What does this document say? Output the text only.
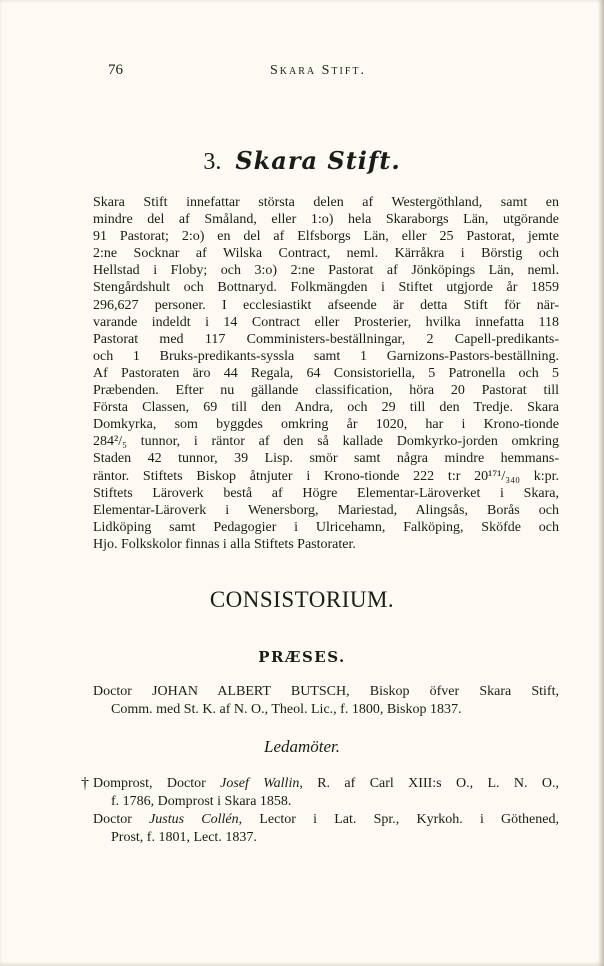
76	Skara Stift.
3. Skara Stift.
Skara Stift innefattar största delen af Westergöthland, samt en
mindre del af Småland, eller 1:o) hela Skaraborgs Län, utgörande
91 Pastorat; 2:o) en del af Elfsborgs Län, eller 25 Pastorat, jemte
2:ne Socknar af Wilska Contract, neml. Kärråkra i Börstig och
Hellstad i Floby; och 3:o) 2:ne Pastorat af Jönköpings Län, neml.
Stengårdshult och Bottnaryd. Folkmängden i Stiftet utgjorde år 1859
296,627 personer. I ecclesiastikt afseende är detta Stift för när-
varande indeldt i 14 Contract eller Prosterier, hvilka innefatta 118
Pastorat med 117 Comministers-beställningar, 2 Capell-predikants-
och 1 Bruks-predikants-syssla samt 1 Garnizons-Pastors-beställning.
Af Pastoraten äro 44 Regala, 64 Consistoriella, 5 Patronella och 5
Præbenden. Efter nu gällande classification, höra 20 Pastorat till
Första Classen, 69 till den Andra, och 29 till den Tredje. Skara
Domkyrka, som byggdes omkring år 1020, har i Krono-tionde
284²/₅ tunnor, i räntor af den så kallade Domkyrko-jorden omkring
Staden 42 tunnor, 39 Lisp. smör samt några mindre hemmans-
räntor. Stiftets Biskop åtnjuter i Krono-tionde 222 t:r 20¹⁷¹/₃₄₀ k:pr.
Stiftets Läroverk bestå af Högre Elementar-Läroverket i Skara,
Elementar-Läroverk i Wenersborg, Mariestad, Alingsås, Borås och
Lidköping samt Pedagogier i Ulricehamn, Falköping, Sköfde och
Hjo. Folkskolor finnas i alla Stiftets Pastorater.
CONSISTORIUM.
PRÆSES.
Doctor JOHAN ALBERT BUTSCH, Biskop öfver Skara Stift,
Comm. med St. K. af N. O., Theol. Lic., f. 1800, Biskop 1837.
Ledamöter.
† Domprost, Doctor Josef Wallin, R. af Carl XIII:s O., L. N. O.,
f. 1786, Domprost i Skara 1858.
Doctor Justus Collén, Lector i Lat. Spr., Kyrkoh. i Göthened,
Prost, f. 1801, Lect. 1837.
